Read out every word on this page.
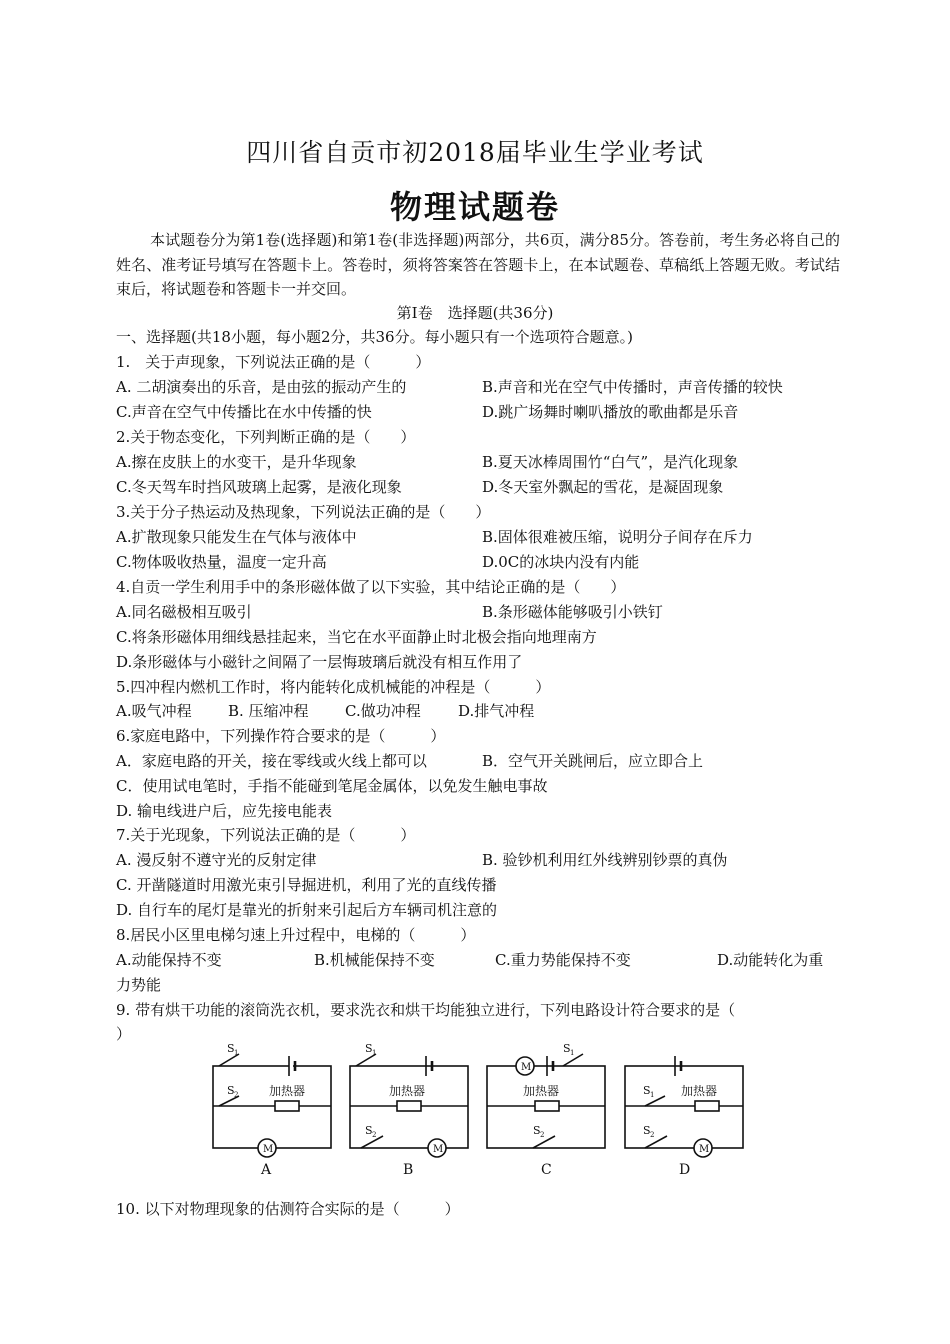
四川省自贡市初2018届毕业生学业考试
物理试题卷
本试题卷分为第1卷(选择题)和第1卷(非选择题)两部分，共6页，满分85分。答卷前，考生务必将自己的姓名、准考证号填写在答题卡上。答卷时，须将答案答在答题卡上，在本试题卷、草稿纸上答题无败。考试结束后，将试题卷和答题卡一并交回。
第Ⅰ卷　选择题(共36分)
一、选择题(共18小题，每小题2分，共36分。每小题只有一个选项符合题意。)
1.　关于声现象，下列说法正确的是（　　　）
A. 二胡演奏出的乐音，是由弦的振动产生的	B.声音和光在空气中传播时，声音传播的较快
C.声音在空气中传播比在水中传播的快	D.跳广场舞时喇叭播放的歌曲都是乐音
2.关于物态变化，下列判断正确的是（　　）
A.擦在皮肤上的水变干，是升华现象	B.夏天冰棒周围竹“白气”，是汽化现象
C.冬天驾车时挡风玻璃上起雾，是液化现象	D.冬天室外飘起的雪花，是凝固现象
3.关于分子热运动及热现象，下列说法正确的是（　　）
A.扩散现象只能发生在气体与液体中	B.固体很难被压缩，说明分子间存在斥力
C.物体吸收热量，温度一定升高	D.0C的冰块内没有内能
4.自贡一学生利用手中的条形磁体做了以下实验，其中结论正确的是（　　）
A.同名磁极相互吸引	B.条形磁体能够吸引小铁钉
C.将条形磁体用细线悬挂起来，当它在水平面静止时北极会指向地理南方
D.条形磁体与小磁针之间隔了一层悔玻璃后就没有相互作用了
5.四冲程内燃机工作时，将内能转化成机械能的冲程是（　　　）
A.吸气冲程 B. 压缩冲程 C.做功冲程 D.排气冲程
6.家庭电路中，下列操作符合要求的是（　　　）
A．家庭电路的开关，接在零线或火线上都可以	B．空气开关跳闸后，应立即合上
C．使用试电笔时，手指不能碰到笔尾金属体，以免发生触电事故
D. 输电线进户后，应先接电能表
7.关于光现象，下列说法正确的是（　　　）
A. 漫反射不遵守光的反射定律	B. 验钞机利用红外线辨别钞票的真伪
C. 开凿隧道时用激光束引导掘进机，利用了光的直线传播
D. 自行车的尾灯是靠光的折射来引起后方车辆司机注意的
8.居民小区里电梯匀速上升过程中，电梯的（　　　）
A.动能保持不变	B.机械能保持不变	C.重力势能保持不变	D.动能转化为重
力势能
9. 带有烘干功能的滚筒洗衣机，要求洗衣和烘干均能独立进行，下列电路设计符合要求的是（
）
S 1
S 2	加热器
M
A
S 1
加热器
S 2
M
B
M
S 1
加热器
S 2
C
S 1 加热器
S 2
M
D
10. 以下对物理现象的估测符合实际的是（　　　）
